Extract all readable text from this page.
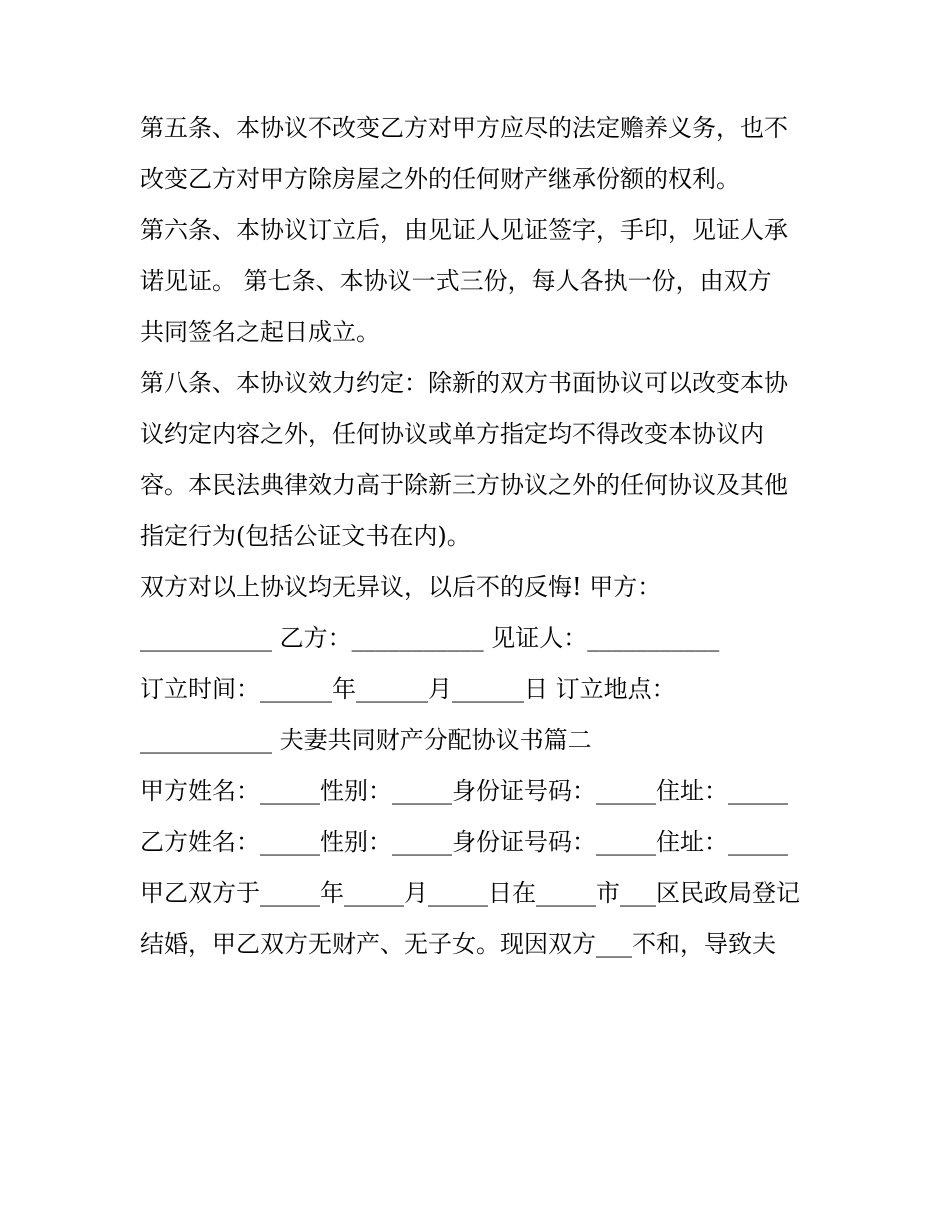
第五条、本协议不改变乙方对甲方应尽的法定赡养义务，也不
改变乙方对甲方除房屋之外的任何财产继承份额的权利。
第六条、本协议订立后，由见证人见证签字，手印，见证人承
诺见证。 第七条、本协议一式三份，每人各执一份，由双方
共同签名之起日成立。
第八条、本协议效力约定：除新的双方书面协议可以改变本协
议约定内容之外，任何协议或单方指定均不得改变本协议内
容。本民法典律效力高于除新三方协议之外的任何协议及其他
指定行为(包括公证文书在内)。
双方对以上协议均无异议，以后不的反悔! 甲方：
___________ 乙方：___________ 见证人：___________
订立时间：______年______月______日 订立地点：
___________ 夫妻共同财产分配协议书篇二
甲方姓名：_____性别：_____身份证号码：_____住址：_____
乙方姓名：_____性别：_____身份证号码：_____住址：_____
甲乙双方于_____年_____月_____日在_____市___区民政局登记
结婚，甲乙双方无财产、无子女。现因双方___不和，导致夫
